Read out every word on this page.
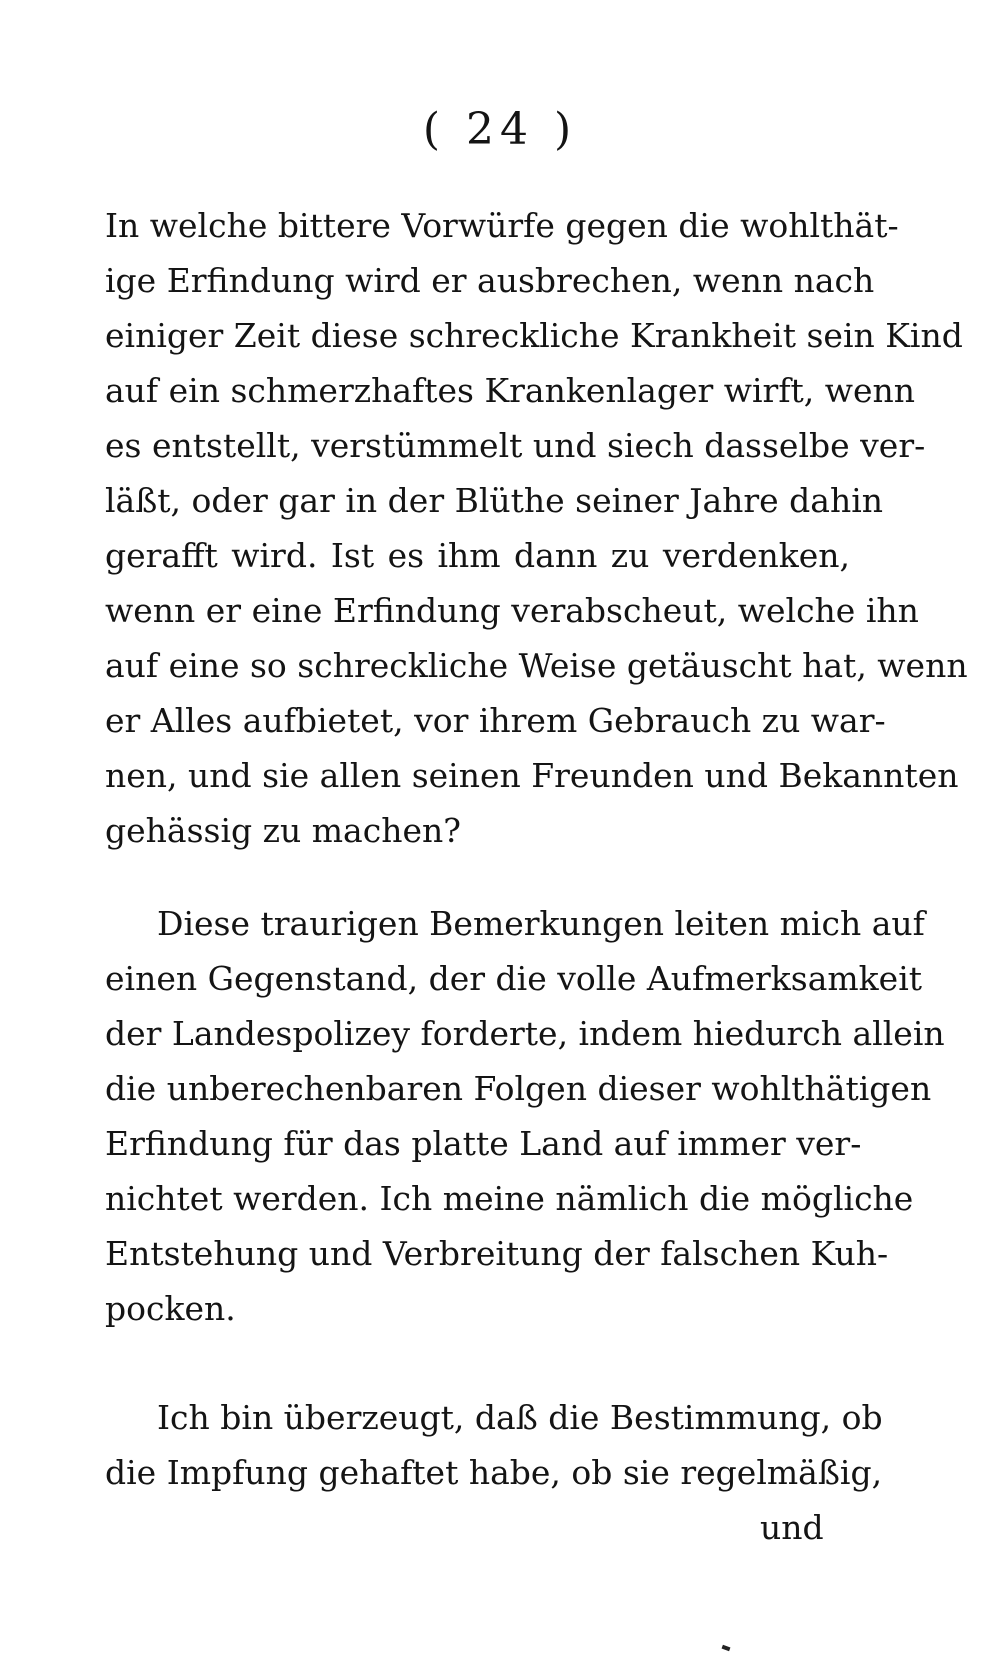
( 24 )
In welche bittere Vorwürfe gegen die wohlthät-
ige Erfindung wird er ausbrechen, wenn nach
einiger Zeit diese schreckliche Krankheit sein Kind
auf ein schmerzhaftes Krankenlager wirft, wenn
es entstellt, verstümmelt und siech dasselbe ver-
läßt, oder gar in der Blüthe seiner Jahre dahin
gerafft wird. Ist es ihm dann zu verdenken,
wenn er eine Erfindung verabscheut, welche ihn
auf eine so schreckliche Weise getäuscht hat, wenn
er Alles aufbietet, vor ihrem Gebrauch zu war-
nen, und sie allen seinen Freunden und Bekannten
gehässig zu machen?
Diese traurigen Bemerkungen leiten mich auf
einen Gegenstand, der die volle Aufmerksamkeit
der Landespolizey forderte, indem hiedurch allein
die unberechenbaren Folgen dieser wohlthätigen
Erfindung für das platte Land auf immer ver-
nichtet werden. Ich meine nämlich die mögliche
Entstehung und Verbreitung der falschen Kuh-
pocken.
Ich bin überzeugt, daß die Bestimmung, ob
die Impfung gehaftet habe, ob sie regelmäßig,
und
